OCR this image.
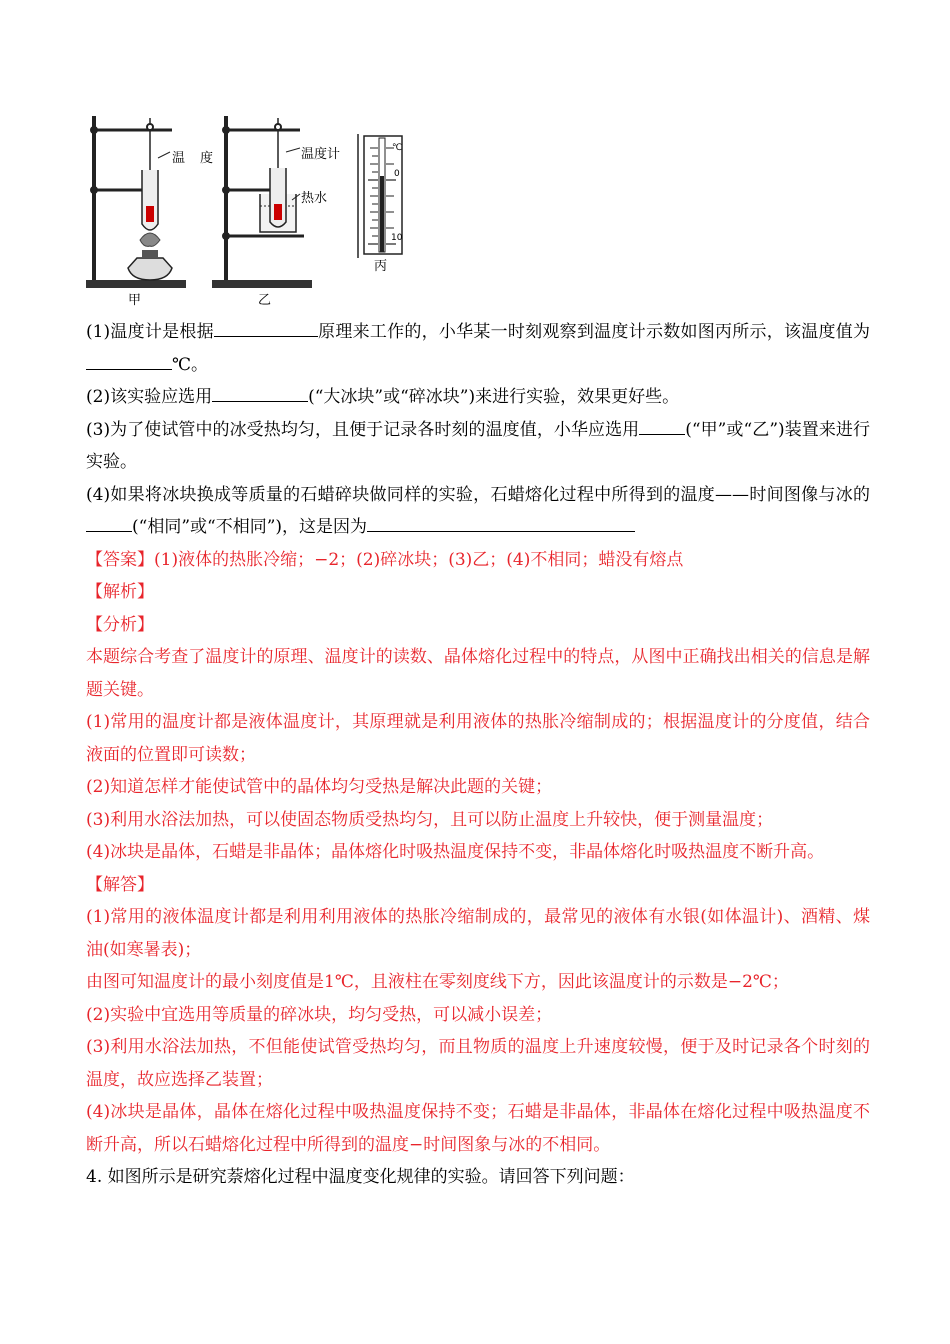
甲	乙
丙
温 度	温度计
热水
℃
0
10

(1)温度计是根据	原理来工作的，小华某一时刻观察到温度计示数如图丙所示，该温度值为℃。

(2)该实验应选用	(“大冰块”或“碎冰块”)来进行实验，效果更好些。

(3)为了使试管中的冰受热均匀，且便于记录各时刻的温度值，小华应选用	(“甲”或“乙”)装置来进行实验。

(4)如果将冰块换成等质量的石蜡碎块做同样的实验，石蜡熔化过程中所得到的温度——时间图像与冰的(“相同”或“不相同”)，这是因为

【答案】(1)液体的热胀冷缩；−2；(2)碎冰块；(3)乙；(4)不相同；蜡没有熔点

【解析】

【分析】

本题综合考查了温度计的原理、温度计的读数、晶体熔化过程中的特点，从图中正确找出相关的信息是解题关键。

(1)常用的温度计都是液体温度计，其原理就是利用液体的热胀冷缩制成的；根据温度计的分度值，结合液面的位置即可读数；

(2)知道怎样才能使试管中的晶体均匀受热是解决此题的关键；

(3)利用水浴法加热，可以使固态物质受热均匀，且可以防止温度上升较快，便于测量温度；

(4)冰块是晶体，石蜡是非晶体；晶体熔化时吸热温度保持不变，非晶体熔化时吸热温度不断升高。

【解答】

(1)常用的液体温度计都是利用利用液体的热胀冷缩制成的，最常见的液体有水银(如体温计)、酒精、煤油(如寒暑表)；

由图可知温度计的最小刻度值是1℃，且液柱在零刻度线下方，因此该温度计的示数是−2℃；

(2)实验中宜选用等质量的碎冰块，均匀受热，可以减小误差；

(3)利用水浴法加热，不但能使试管受热均匀，而且物质的温度上升速度较慢，便于及时记录各个时刻的温度，故应选择乙装置；

(4)冰块是晶体，晶体在熔化过程中吸热温度保持不变；石蜡是非晶体，非晶体在熔化过程中吸热温度不断升高，所以石蜡熔化过程中所得到的温度−时间图象与冰的不相同。

4. 如图所示是研究萘熔化过程中温度变化规律的实验。请回答下列问题：
